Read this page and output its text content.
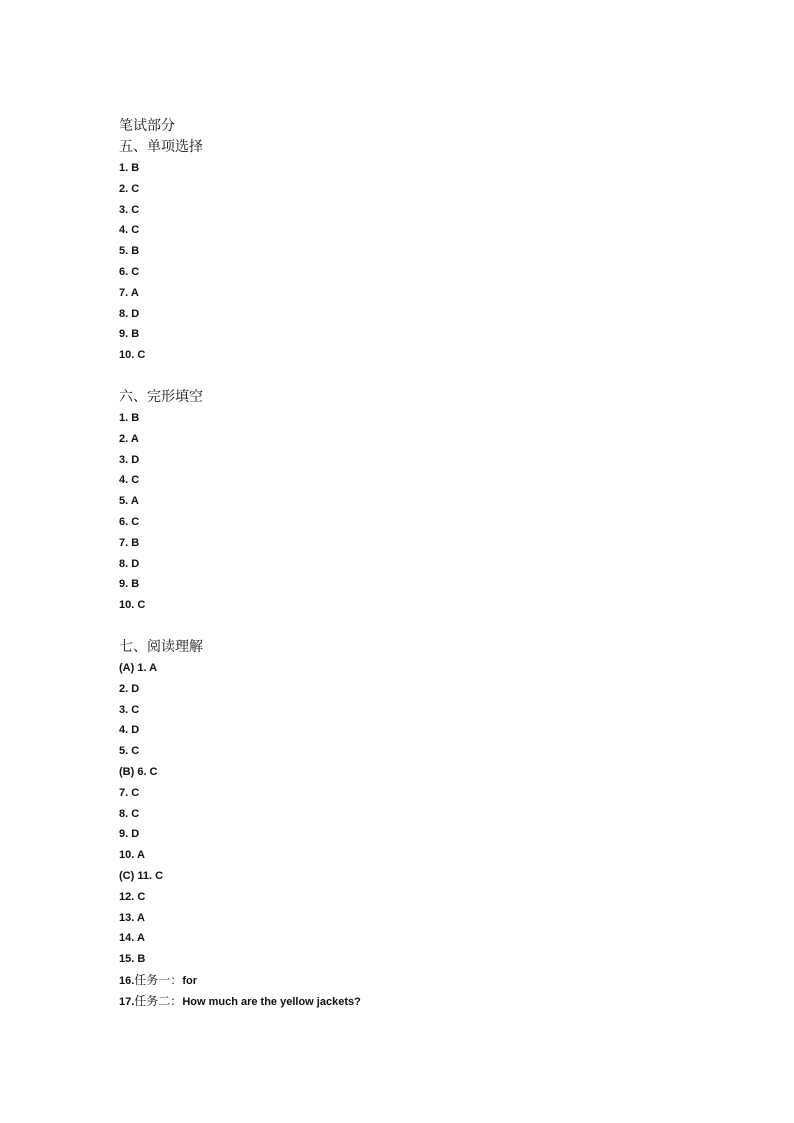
笔试部分
五、单项选择
1. B
2. C
3. C
4. C
5. B
6. C
7. A
8. D
9. B
10. C
六、完形填空
1. B
2. A
3. D
4. C
5. A
6. C
7. B
8. D
9. B
10. C
七、阅读理解
(A) 1. A
2. D
3. C
4. D
5. C
(B) 6. C
7. C
8. C
9. D
10. A
(C) 11. C
12. C
13. A
14. A
15. B
16.任务一：for
17.任务二：How much are the yellow jackets?
